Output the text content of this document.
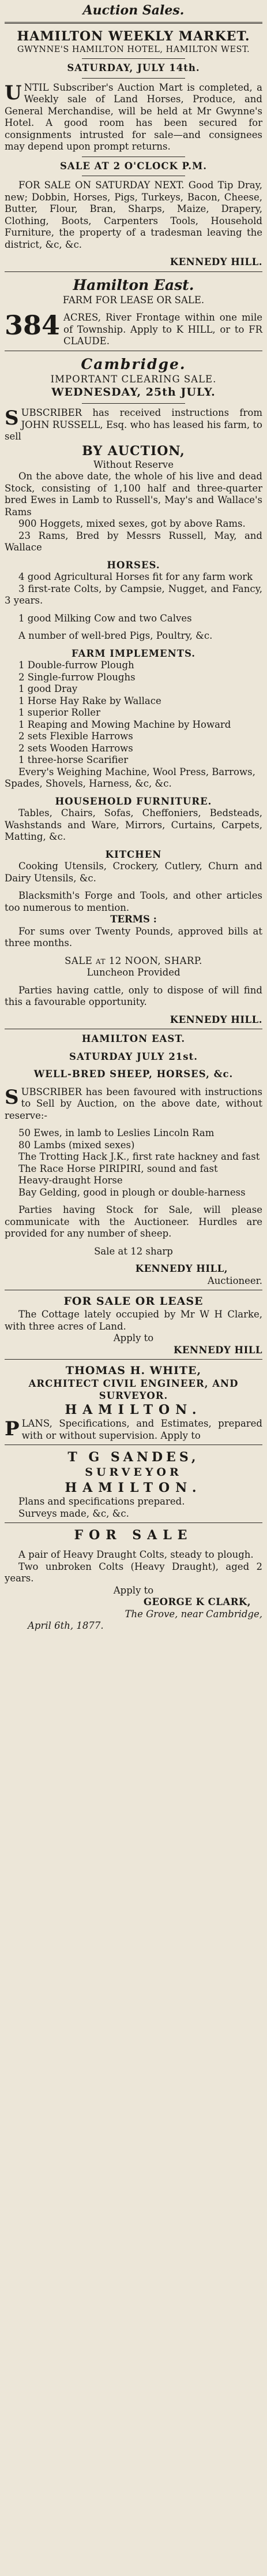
Auction Sales.
HAMILTON WEEKLY MARKET.

GWYNNE'S HAMILTON HOTEL, HAMILTON WEST.

SATURDAY, JULY 14th.

UNTIL Subscriber's Auction Mart is completed, a Weekly sale of Land Horses, Produce, and General Merchandise, will be held at Mr Gwynne's Hotel. A good room has been secured for consignments intrusted for sale—and consignees may depend upon prompt returns.

SALE AT 2 O'CLOCK P.M.

FOR SALE ON SATURDAY NEXT. Good Tip Dray, new; Dobbin, Horses, Pigs, Turkeys, Bacon, Cheese, Butter, Flour, Bran, Sharps, Maize, Drapery, Clothing, Boots, Carpenters Tools, Household Furniture, the property of a tradesman leaving the district, &c, &c.

KENNEDY HILL.

Hamilton East.

FARM FOR LEASE OR SALE.

384 ACRES, River Frontage within one mile of Township. Apply to K HILL, or to FR CLAUDE.

Cambridge.

IMPORTANT CLEARING SALE.

WEDNESDAY, 25th JULY.

SUBSCRIBER has received instructions from JOHN RUSSELL, Esq. who has leased his farm, to sell

BY AUCTION,

Without Reserve

On the above date, the whole of his live and dead Stock, consisting of 1,100 half and three-quarter bred Ewes in Lamb to Russell's, May's and Wallace's Rams

900 Hoggets, mixed sexes, got by above Rams.

23 Rams, Bred by Messrs Russell, May, and Wallace

HORSES.

4 good Agricultural Horses fit for any farm work

3 first-rate Colts, by Campsie, Nugget, and Fancy, 3 years.

1 good Milking Cow and two Calves

A number of well-bred Pigs, Poultry, &c.

FARM IMPLEMENTS.

1 Double-furrow Plough

2 Single-furrow Ploughs

1 good Dray

1 Horse Hay Rake by Wallace

1 superior Roller

1 Reaping and Mowing Machine by Howard

2 sets Flexible Harrows

2 sets Wooden Harrows

1 three-horse Scarifier

Every's Weighing Machine, Wool Press, Barrows, Spades, Shovels, Harness, &c, &c.

HOUSEHOLD FURNITURE.

Tables, Chairs, Sofas, Cheffoniers, Bedsteads, Washstands and Ware, Mirrors, Curtains, Carpets, Matting, &c.

KITCHEN

Cooking Utensils, Crockery, Cutlery, Churn and Dairy Utensils, &c.

Blacksmith's Forge and Tools, and other articles too numerous to mention.

TERMS :

For sums over Twenty Pounds, approved bills at three months.

SALE at 12 NOON, SHARP.

Luncheon Provided

Parties having cattle, only to dispose of will find this a favourable opportunity.

KENNEDY HILL.

HAMILTON EAST.

SATURDAY JULY 21st.

WELL-BRED SHEEP, HORSES, &c.

SUBSCRIBER has been favoured with instructions to Sell by Auction, on the above date, without reserve:-

50 Ewes, in lamb to Leslies Lincoln Ram

80 Lambs (mixed sexes)

The Trotting Hack J.K., first rate hackney and fast

The Race Horse PIRIPIRI, sound and fast

Heavy-draught Horse

Bay Gelding, good in plough or double-harness

Parties having Stock for Sale, will please communicate with the Auctioneer. Hurdles are provided for any number of sheep.

Sale at 12 sharp

KENNEDY HILL,

Auctioneer.

FOR SALE OR LEASE

The Cottage lately occupied by Mr W H Clarke, with three acres of Land.

Apply to

KENNEDY HILL

THOMAS H. WHITE,

ARCHITECT CIVIL ENGINEER, AND SURVEYOR.

HAMILTON.

PLANS, Specifications, and Estimates, prepared with or without supervision. Apply to

T G SANDES,

SURVEYOR

HAMILTON.

Plans and specifications prepared.

Surveys made, &c, &c.

FOR SALE

A pair of Heavy Draught Colts, steady to plough.

Two unbroken Colts (Heavy Draught), aged 2 years.

Apply to

GEORGE K CLARK,

The Grove, near Cambridge,

April 6th, 1877.
